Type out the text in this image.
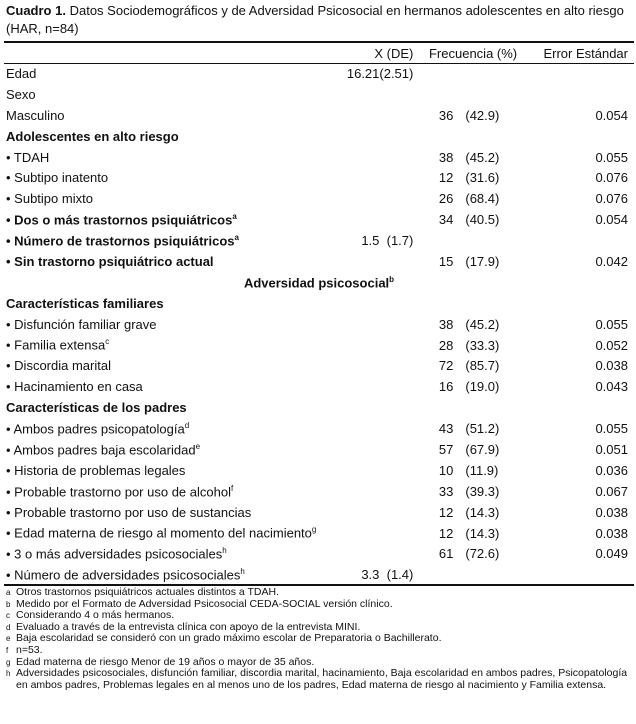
Cuadro 1. Datos Sociodemográficos y de Adversidad Psicosocial en hermanos adolescentes en alto riesgo (HAR, n=84)
	X (DE)	Frecuencia (%)		Error Estándar
Edad	16.21(2.51)			
Sexo				
Masculino		36	(42.9)	0.054
Adolescentes en alto riesgo				
• TDAH		38	(45.2)	0.055
• Subtipo inatento		12	(31.6)	0.076
• Subtipo mixto		26	(68.4)	0.076
• Dos o más trastornos psiquiátricos$^a$		34	(40.5)	0.054
• Número de trastornos psiquiátricos$^a$	1.5  (1.7)			
• Sin trastorno psiquiátrico actual		15	(17.9)	0.042
Adversidad psicosocial$^b$
Características familiares				
• Disfunción familiar grave		38	(45.2)	0.055
• Familia extensa$^c$		28	(33.3)	0.052
• Discordia marital		72	(85.7)	0.038
• Hacinamiento en casa		16	(19.0)	0.043
Características de los padres				
• Ambos padres psicopatología$^d$		43	(51.2)	0.055
• Ambos padres baja escolaridad$^e$		57	(67.9)	0.051
• Historia de problemas legales		10	(11.9)	0.036
• Probable trastorno por uso de alcohol$^f$		33	(39.3)	0.067
• Probable trastorno por uso de sustancias		12	(14.3)	0.038
• Edad materna de riesgo al momento del nacimiento$^g$		12	(14.3)	0.038
• 3 o más adversidades psicosociales$^h$		61	(72.6)	0.049
• Número de adversidades psicosociales$^h$	3.3  (1.4)			
a Otros trastornos psiquiátricos actuales distintos a TDAH.
b Medido por el Formato de Adversidad Psicosocial CEDA-SOCIAL versión clínico.
c Considerando 4 o más hermanos.
d Evaluado a través de la entrevista clínica con apoyo de la entrevista MINI.
e Baja escolaridad se consideró con un grado máximo escolar de Preparatoria o Bachillerato.
f n=53.
g Edad materna de riesgo Menor de 19 años o mayor de 35 años.
h Adversidades psicosociales, disfunción familiar, discordia marital, hacinamiento, Baja escolaridad en ambos padres, Psicopatología en ambos padres, Problemas legales en al menos uno de los padres, Edad materna de riesgo al nacimiento y Familia extensa.
